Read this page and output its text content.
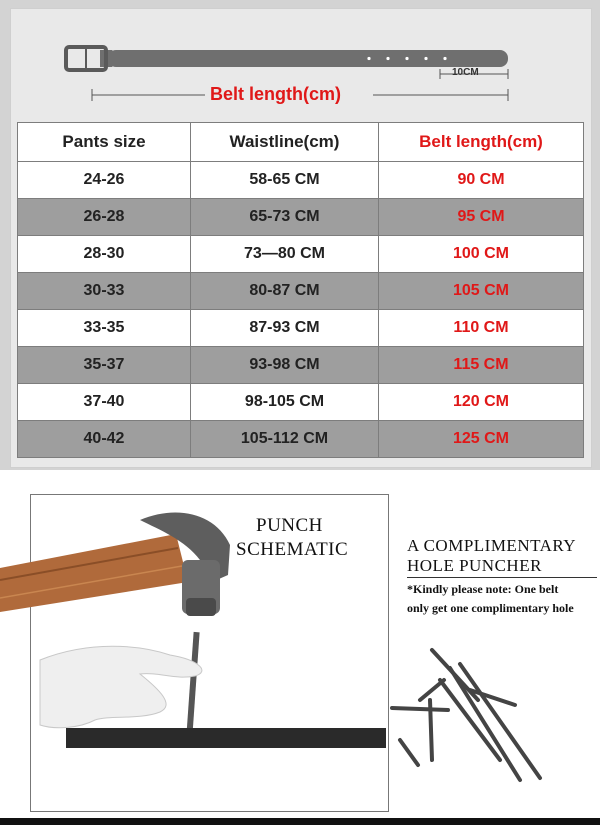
10CM
Belt length(cm)
Pants size	Waistline(cm)	Belt length(cm)
24-26	58-65 CM	90 CM
26-28	65-73 CM	95 CM
28-30	73—80 CM	100 CM
30-33	80-87 CM	105 CM
33-35	87-93 CM	110 CM
35-37	93-98 CM	115 CM
37-40	98-105 CM	120 CM
40-42	105-112 CM	125 CM
PUNCH
SCHEMATIC	A COMPLIMENTARY
HOLE PUNCHER
*Kindly please note: One belt
only get one complimentary hole
